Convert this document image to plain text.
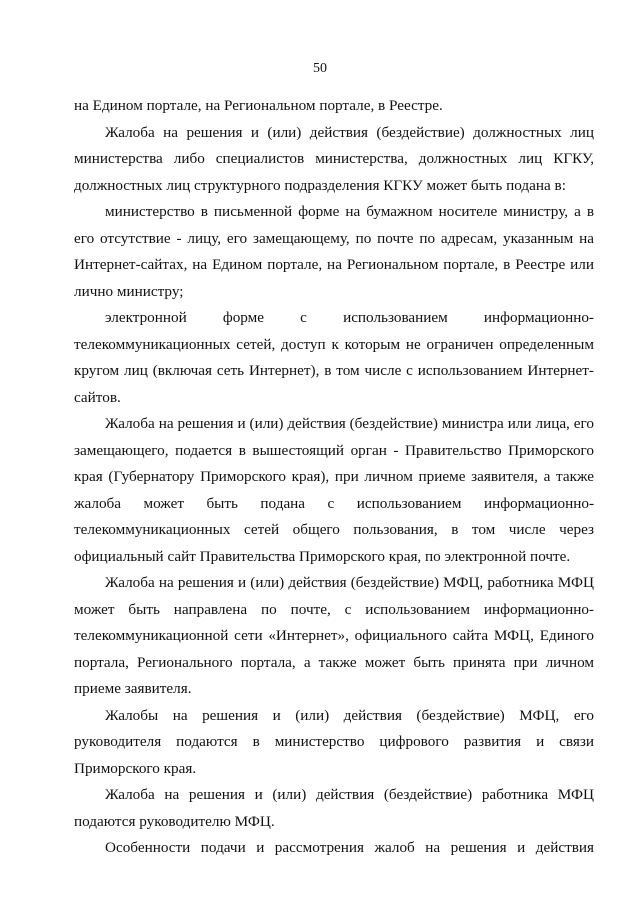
50

на Едином портале, на Региональном портале, в Реестре.

Жалоба на решения и (или) действия (бездействие) должностных лиц министерства либо специалистов министерства, должностных лиц КГКУ, должностных лиц структурного подразделения КГКУ может быть подана в:

министерство в письменной форме на бумажном носителе министру, а в его отсутствие - лицу, его замещающему, по почте по адресам, указанным на Интернет-сайтах, на Едином портале, на Региональном портале, в Реестре или лично министру;

электронной форме с использованием информационно-телекоммуникационных сетей, доступ к которым не ограничен определенным кругом лиц (включая сеть Интернет), в том числе с использованием Интернет-сайтов.

Жалоба на решения и (или) действия (бездействие) министра или лица, его замещающего, подается в вышестоящий орган - Правительство Приморского края (Губернатору Приморского края), при личном приеме заявителя, а также жалоба может быть подана с использованием информационно-телекоммуникационных сетей общего пользования, в том числе через официальный сайт Правительства Приморского края, по электронной почте.

Жалоба на решения и (или) действия (бездействие) МФЦ, работника МФЦ может быть направлена по почте, с использованием информационно-телекоммуникационной сети «Интернет», официального сайта МФЦ, Единого портала, Регионального портала, а также может быть принята при личном приеме заявителя.

Жалобы на решения и (или) действия (бездействие) МФЦ, его руководителя подаются в министерство цифрового развития и связи Приморского края.

Жалоба на решения и (или) действия (бездействие) работника МФЦ подаются руководителю МФЦ.

Особенности подачи и рассмотрения жалоб на решения и действия
